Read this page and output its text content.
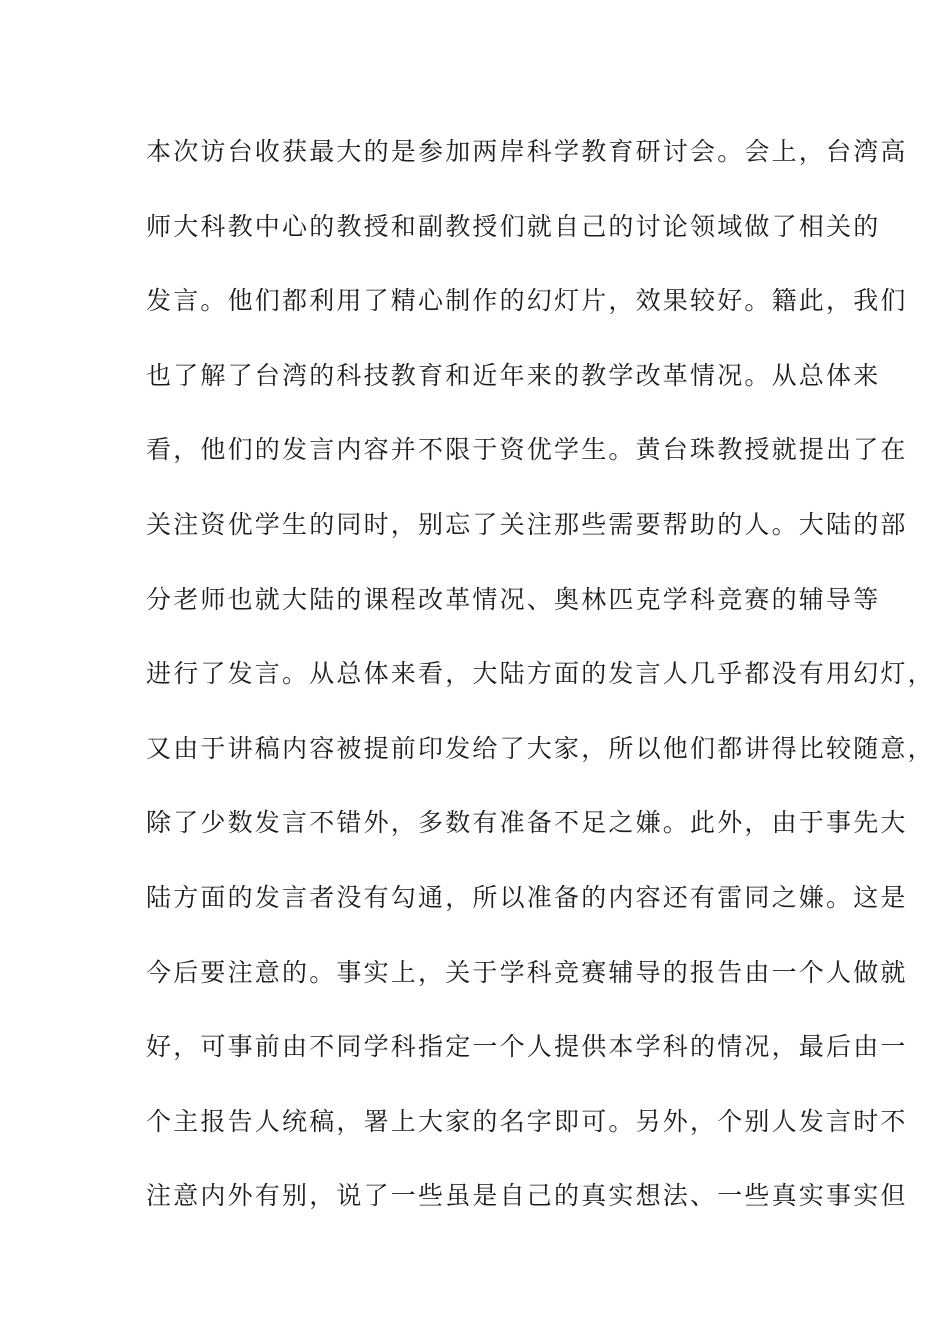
本次访台收获最大的是参加两岸科学教育研讨会。会上，台湾高
师大科教中心的教授和副教授们就自己的讨论领域做了相关的
发言。他们都利用了精心制作的幻灯片，效果较好。籍此，我们
也了解了台湾的科技教育和近年来的教学改革情况。从总体来
看，他们的发言内容并不限于资优学生。黄台珠教授就提出了在
关注资优学生的同时，别忘了关注那些需要帮助的人。大陆的部
分老师也就大陆的课程改革情况、奥林匹克学科竞赛的辅导等
进行了发言。从总体来看，大陆方面的发言人几乎都没有用幻灯，
又由于讲稿内容被提前印发给了大家，所以他们都讲得比较随意，
除了少数发言不错外，多数有准备不足之嫌。此外，由于事先大
陆方面的发言者没有勾通，所以准备的内容还有雷同之嫌。这是
今后要注意的。事实上，关于学科竞赛辅导的报告由一个人做就
好，可事前由不同学科指定一个人提供本学科的情况，最后由一
个主报告人统稿，署上大家的名字即可。另外，个别人发言时不
注意内外有别，说了一些虽是自己的真实想法、一些真实事实但
